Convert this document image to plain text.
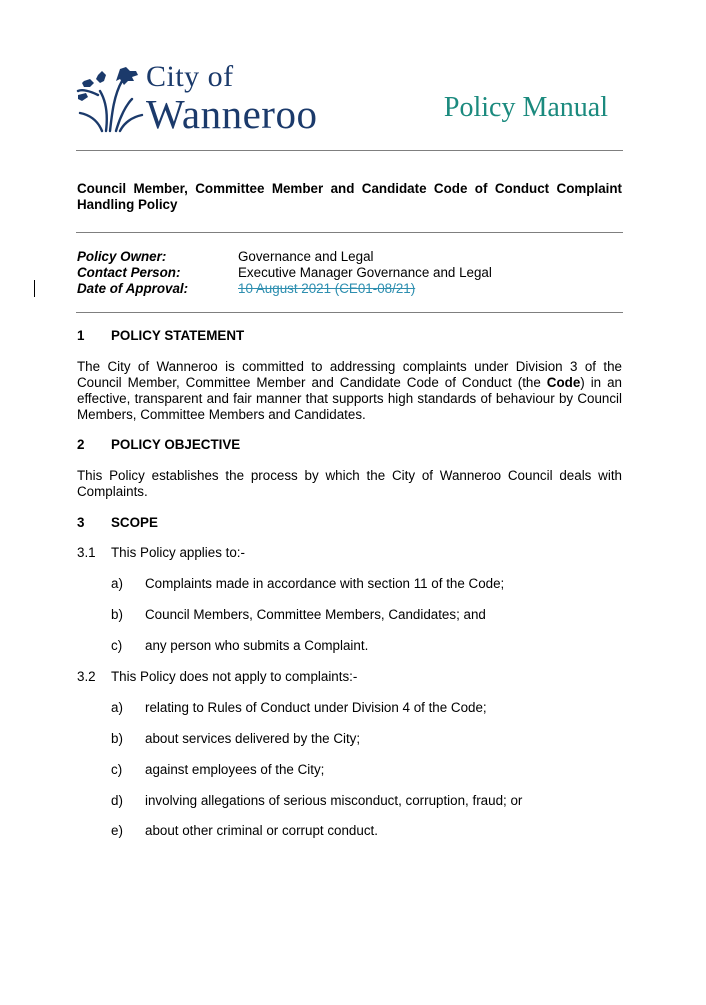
City of
Wanneroo	Policy Manual
Council Member, Committee Member and Candidate Code of Conduct Complaint Handling Policy
Policy Owner:	Governance and Legal
Contact Person:	Executive Manager Governance and Legal
Date of Approval:	10 August 2021 (CE01-08/21)
1 POLICY STATEMENT
The City of Wanneroo is committed to addressing complaints under Division 3 of the Council Member, Committee Member and Candidate Code of Conduct (the Code) in an effective, transparent and fair manner that supports high standards of behaviour by Council Members, Committee Members and Candidates.
2 POLICY OBJECTIVE
This Policy establishes the process by which the City of Wanneroo Council deals with Complaints.
3 SCOPE
3.1 This Policy applies to:-
a) Complaints made in accordance with section 11 of the Code;
b) Council Members, Committee Members, Candidates; and
c) any person who submits a Complaint.
3.2 This Policy does not apply to complaints:-
a) relating to Rules of Conduct under Division 4 of the Code;
b) about services delivered by the City;
c) against employees of the City;
d) involving allegations of serious misconduct, corruption, fraud; or
e) about other criminal or corrupt conduct.
